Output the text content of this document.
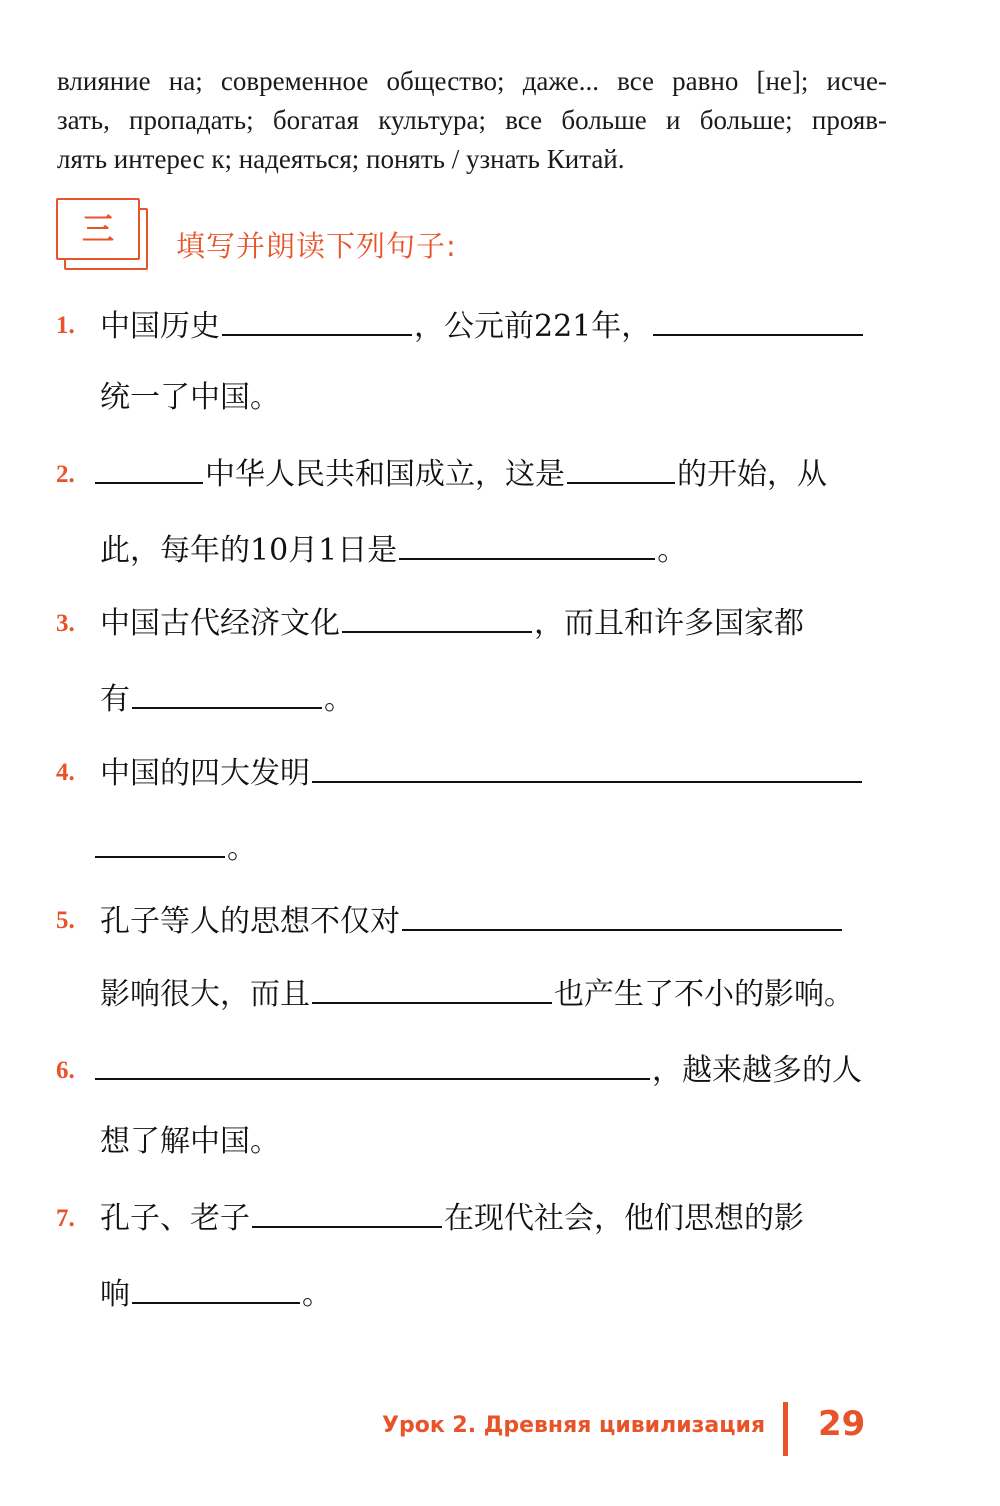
влияние на; современное общество; даже... все равно [не]; исче-
зать, пропадать; богатая культура; все больше и больше; прояв-
лять интерес к; надеяться; понять / узнать Китай.
三 填写并朗读下列句子:
1. 中国历史	，公元前221年，
统一了中国。
2.	中华人民共和国成立，这是	的开始，从
此，每年的10月1日是	。
3. 中国古代经济文化	，而且和许多国家都
有	。
4. 中国的四大发明
。
5. 孔子等人的思想不仅对
影响很大，而且	也产生了不小的影响。
6.	，越来越多的人
想了解中国。
7. 孔子、老子	在现代社会，他们思想的影
响	。
Урок 2. Древняя цивилизация 29
